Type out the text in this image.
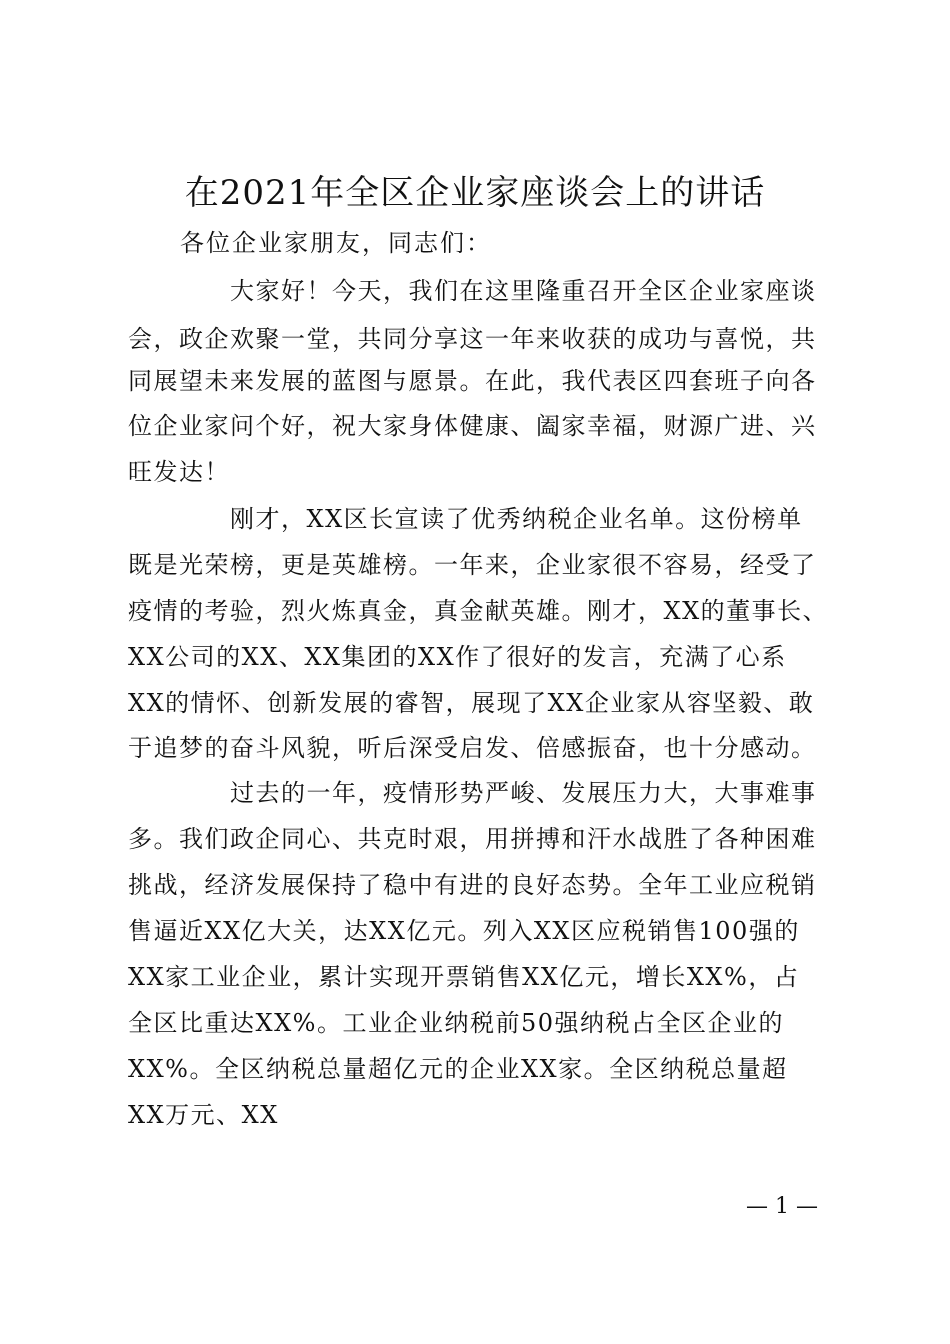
在2021年全区企业家座谈会上的讲话
各位企业家朋友，同志们：
大家好！今天，我们在这里隆重召开全区企业家座谈
会，政企欢聚一堂，共同分享这一年来收获的成功与喜悦，共
同展望未来发展的蓝图与愿景。在此，我代表区四套班子向各
位企业家问个好，祝大家身体健康、阖家幸福，财源广进、兴
旺发达！
刚才，XX区长宣读了优秀纳税企业名单。这份榜单
既是光荣榜，更是英雄榜。一年来，企业家很不容易，经受了
疫情的考验，烈火炼真金，真金献英雄。刚才，XX的董事长、
XX公司的XX、XX集团的XX作了很好的发言，充满了心系
XX的情怀、创新发展的睿智，展现了XX企业家从容坚毅、敢
于追梦的奋斗风貌，听后深受启发、倍感振奋，也十分感动。
过去的一年，疫情形势严峻、发展压力大，大事难事
多。我们政企同心、共克时艰，用拼搏和汗水战胜了各种困难
挑战，经济发展保持了稳中有进的良好态势。全年工业应税销
售逼近XX亿大关，达XX亿元。列入XX区应税销售100强的
XX家工业企业，累计实现开票销售XX亿元，增长XX%，占
全区比重达XX%。工业企业纳税前50强纳税占全区企业的
XX%。全区纳税总量超亿元的企业XX家。全区纳税总量超
XX万元、XX
— 1 —
